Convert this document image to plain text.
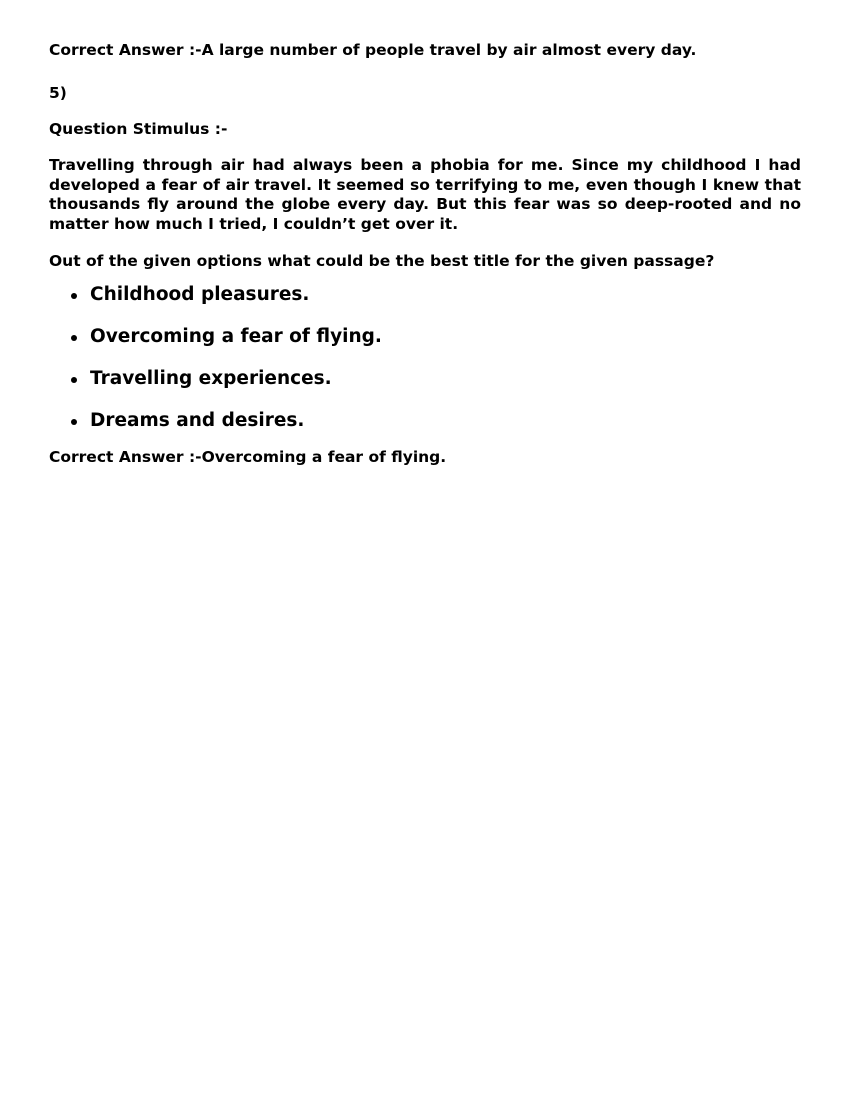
Correct Answer :-A large number of people travel by air almost every day.

5)

Question Stimulus :-

Travelling through air had always been a phobia for me. Since my childhood I had developed a fear of air travel. It seemed so terrifying to me, even though I knew that thousands fly around the globe every day. But this fear was so deep-rooted and no matter how much I tried, I couldn’t get over it.

Out of the given options what could be the best title for the given passage?

Childhood pleasures.
Overcoming a fear of flying.
Travelling experiences.
Dreams and desires.

Correct Answer :-Overcoming a fear of flying.
